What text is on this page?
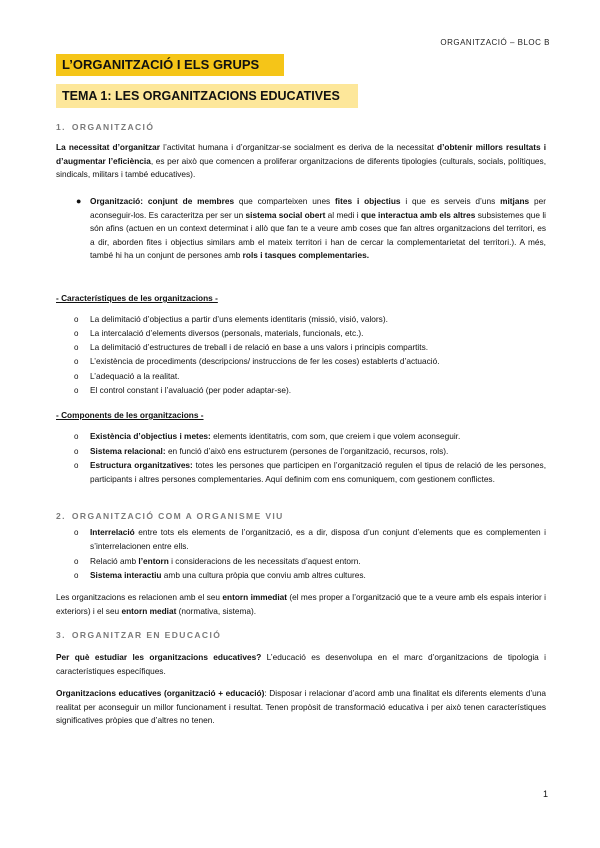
ORGANITZACIÓ – BLOC B
L’ORGANITZACIÓ I ELS GRUPS
TEMA 1: LES ORGANITZACIONS EDUCATIVES
1. ORGANITZACIÓ
La necessitat d’organitzar l’activitat humana i d’organitzar-se socialment es deriva de la necessitat d’obtenir millors resultats i d’augmentar l’eficiència, es per això que comencen a proliferar organitzacions de diferents tipologies (culturals, socials, polítiques, sindicals, militars i també educatives).
● Organització: conjunt de membres que comparteixen unes fites i objectius i que es serveis d’uns mitjans per aconseguir-los. Es caracteritza per ser un sistema social obert al medi i que interactua amb els altres subsistemes que li són afins (actuen en un context determinat i allò que fan te a veure amb coses que fan altres organitzacions del territori, es a dir, aborden fites i objectius similars amb el mateix territori i han de cercar la complementarietat del territori.). A més, també hi ha un conjunt de persones amb rols i tasques complementaries.
- Característiques de les organitzacions -
o La delimitació d’objectius a partir d’uns elements identitaris (missió, visió, valors).
o La intercalació d’elements diversos (personals, materials, funcionals, etc.).
o La delimitació d’estructures de treball i de relació en base a uns valors i principis compartits.
o L’existència de procediments (descripcions/ instruccions de fer les coses) establerts d’actuació.
o L’adequació a la realitat.
o El control constant i l’avaluació (per poder adaptar-se).
- Components de les organitzacions -
o Existència d’objectius i metes: elements identitatris, com som, que creiem i que volem aconseguir.
o Sistema relacional: en funció d’això ens estructurem (persones de l’organització, recursos, rols).
o Estructura organitzatives: totes les persones que participen en l’organització regulen el tipus de relació de les persones, participants i altres persones complementaries. Aquí definim com ens comuniquem, com gestionem conflictes.
2. ORGANITZACIÓ COM A ORGANISME VIU
o Interrelació entre tots els elements de l’organització, es a dir, disposa d’un conjunt d’elements que es complementen i s’interrelacionen entre ells.
o Relació amb l’entorn i consideracions de les necessitats d’aquest entorn.
o Sistema interactiu amb una cultura pròpia que conviu amb altres cultures.
Les organitzacions es relacionen amb el seu entorn immediat (el mes proper a l’organització que te a veure amb els espais interior i exteriors) i el seu entorn mediat (normativa, sistema).
3. ORGANITZAR EN EDUCACIÓ
Per què estudiar les organitzacions educatives? L’educació es desenvolupa en el marc d’organitzacions de tipologia i característiques específiques.
Organitzacions educatives (organització + educació): Disposar i relacionar d’acord amb una finalitat els diferents elements d’una realitat per aconseguir un millor funcionament i resultat. Tenen propòsit de transformació educativa i per això tenen característiques significatives pròpies que d’altres no tenen.
1
